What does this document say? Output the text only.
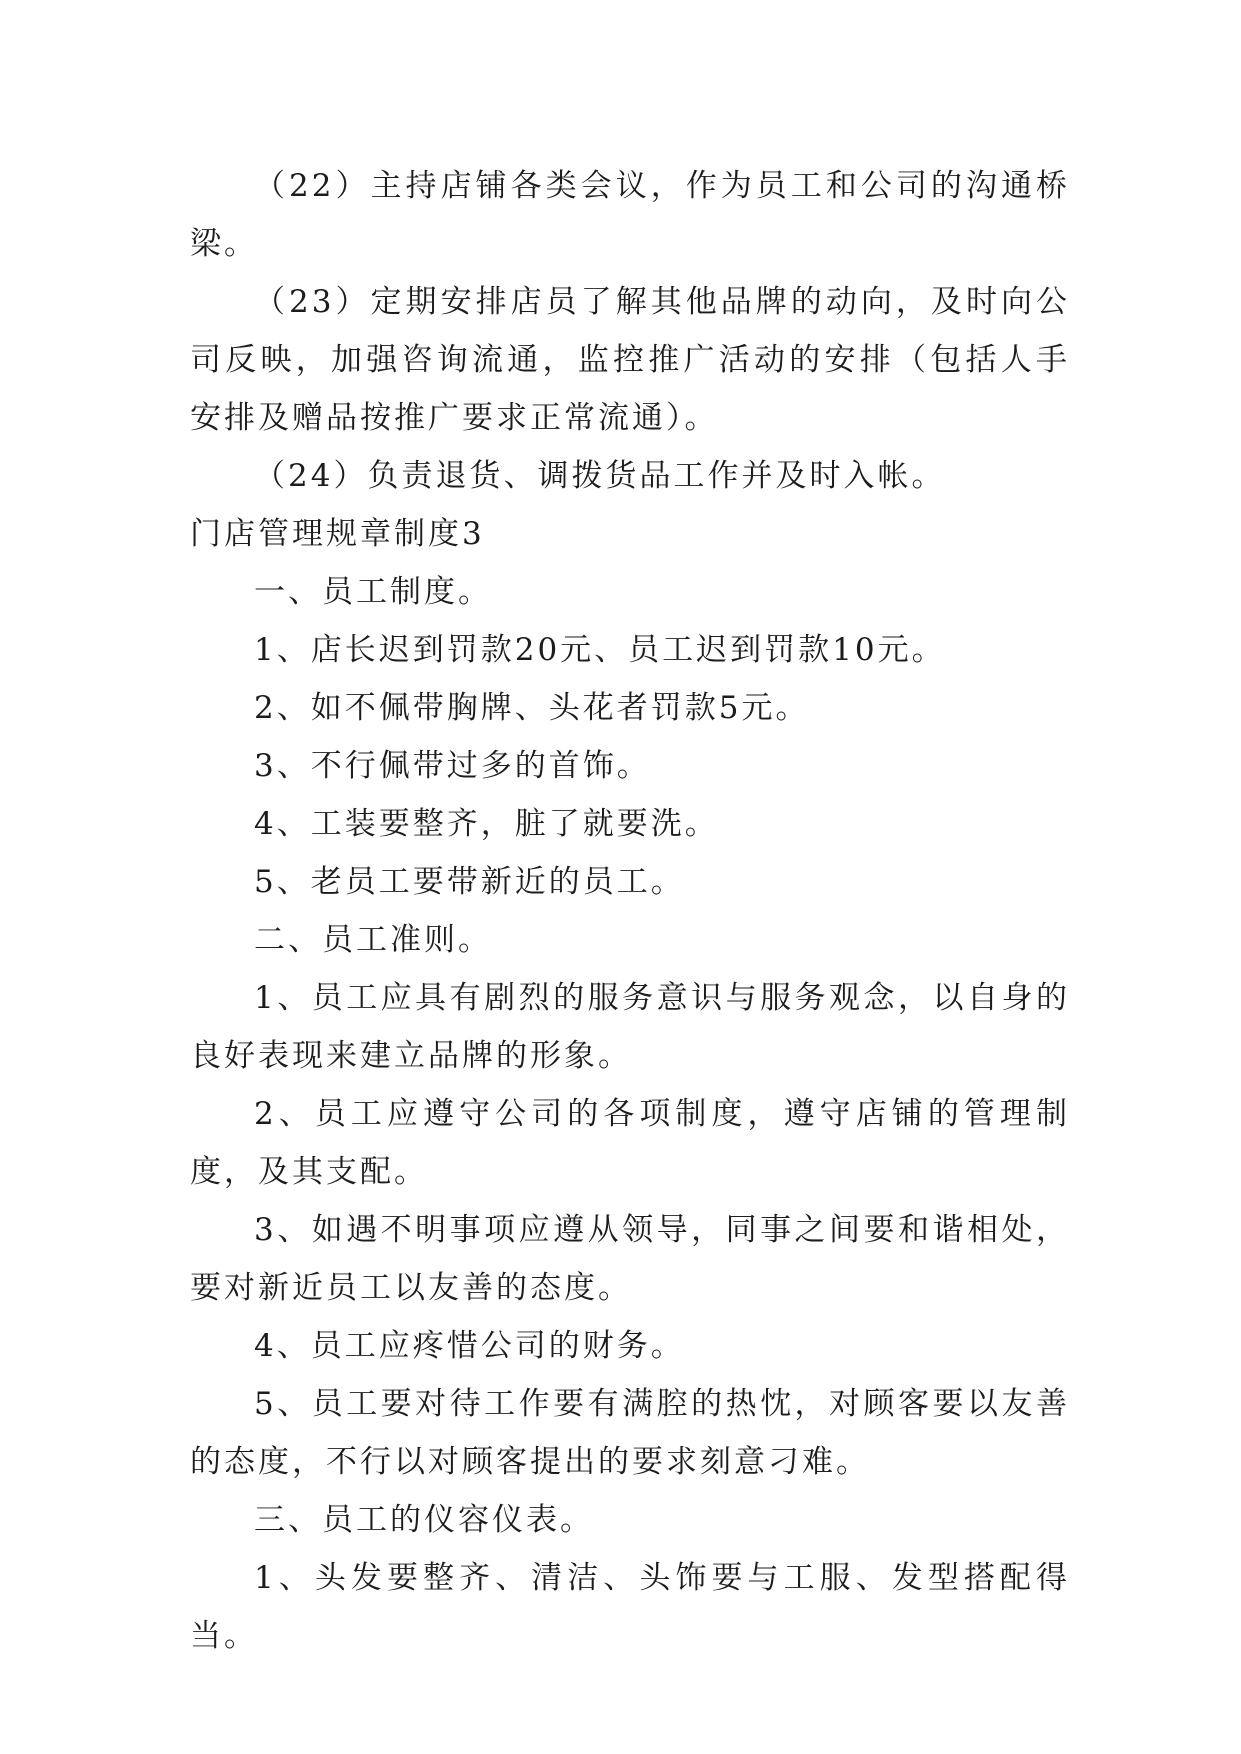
（22）主持店铺各类会议，作为员工和公司的沟通桥梁。

（23）定期安排店员了解其他品牌的动向，及时向公司反映，加强咨询流通，监控推广活动的安排（包括人手安排及赠品按推广要求正常流通）。

（24）负责退货、调拨货品工作并及时入帐。

门店管理规章制度3

一、员工制度。

1、店长迟到罚款20元、员工迟到罚款10元。

2、如不佩带胸牌、头花者罚款5元。

3、不行佩带过多的首饰。

4、工装要整齐，脏了就要洗。

5、老员工要带新近的员工。

二、员工准则。

1、员工应具有剧烈的服务意识与服务观念，以自身的良好表现来建立品牌的形象。

2、员工应遵守公司的各项制度，遵守店铺的管理制度，及其支配。

3、如遇不明事项应遵从领导，同事之间要和谐相处，要对新近员工以友善的态度。

4、员工应疼惜公司的财务。

5、员工要对待工作要有满腔的热忱，对顾客要以友善的态度，不行以对顾客提出的要求刻意刁难。

三、员工的仪容仪表。

1、头发要整齐、清洁、头饰要与工服、发型搭配得当。
